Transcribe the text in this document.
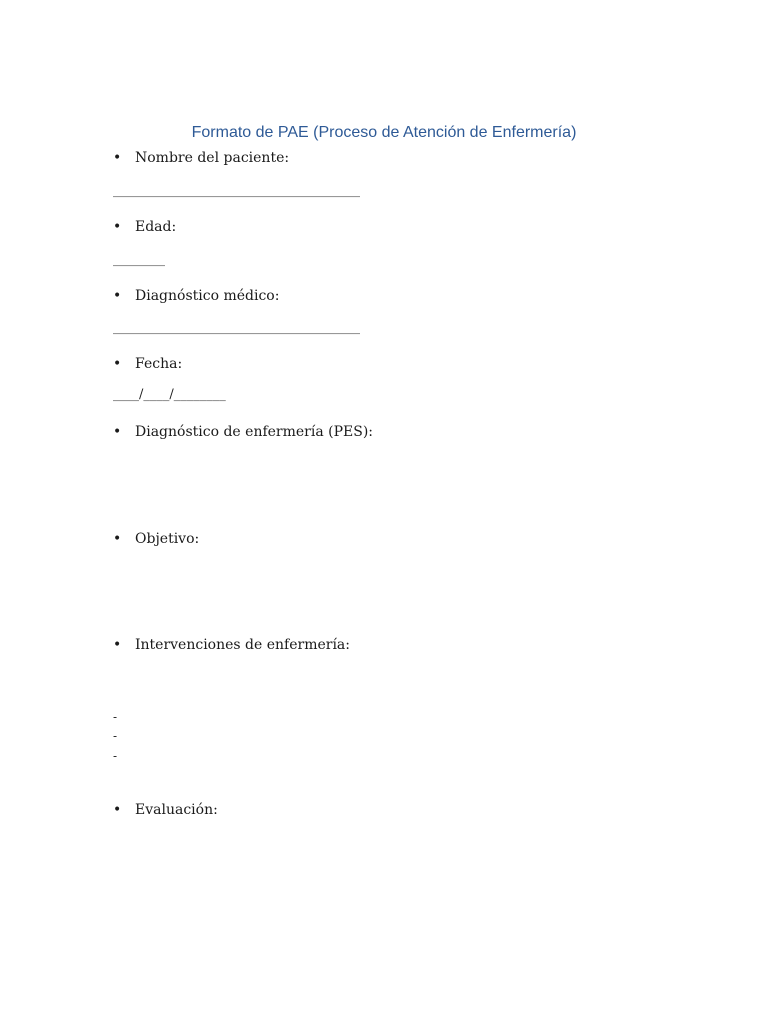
Formato de PAE (Proceso de Atención de Enfermería)
• Nombre del paciente:
______________________________________
• Edad:
________
• Diagnóstico médico:
______________________________________
• Fecha:
____/____/________
• Diagnóstico de enfermería (PES):
• Objetivo:
• Intervenciones de enfermería:
-
-
-
• Evaluación:
